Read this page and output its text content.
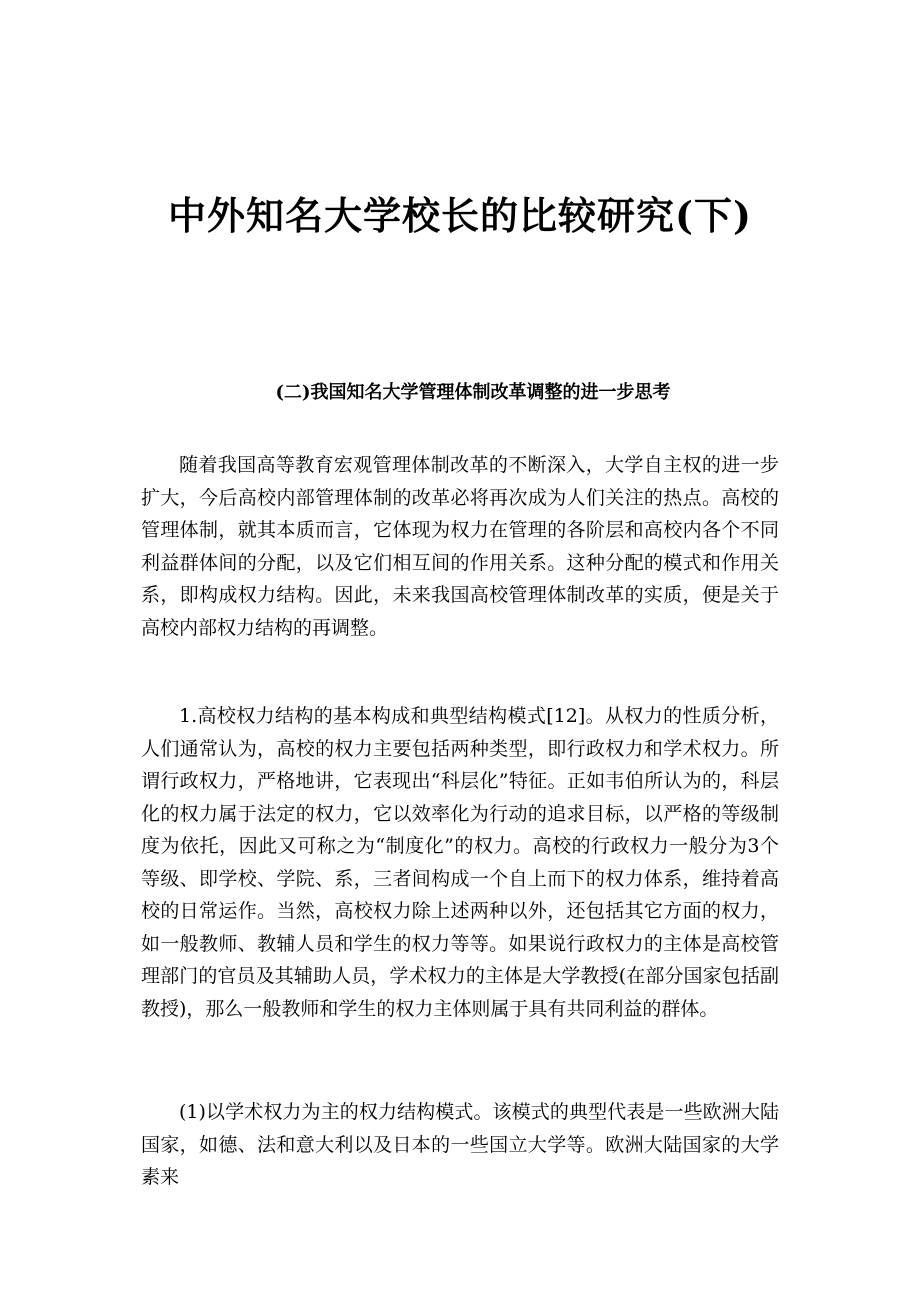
中外知名大学校长的比较研究(下)
(二)我国知名大学管理体制改革调整的进一步思考

随着我国高等教育宏观管理体制改革的不断深入，大学自主权的进一步扩大，今后高校内部管理体制的改革必将再次成为人们关注的热点。高校的管理体制，就其本质而言，它体现为权力在管理的各阶层和高校内各个不同利益群体间的分配，以及它们相互间的作用关系。这种分配的模式和作用关系，即构成权力结构。因此，未来我国高校管理体制改革的实质，便是关于高校内部权力结构的再调整。

1.高校权力结构的基本构成和典型结构模式[12]。从权力的性质分析，人们通常认为，高校的权力主要包括两种类型，即行政权力和学术权力。所谓行政权力，严格地讲，它表现出“科层化”特征。正如韦伯所认为的，科层化的权力属于法定的权力，它以效率化为行动的追求目标，以严格的等级制度为依托，因此又可称之为“制度化”的权力。高校的行政权力一般分为3个等级、即学校、学院、系，三者间构成一个自上而下的权力体系，维持着高校的日常运作。当然，高校权力除上述两种以外，还包括其它方面的权力，如一般教师、教辅人员和学生的权力等等。如果说行政权力的主体是高校管理部门的官员及其辅助人员，学术权力的主体是大学教授(在部分国家包括副教授)，那么一般教师和学生的权力主体则属于具有共同利益的群体。

(1)以学术权力为主的权力结构模式。该模式的典型代表是一些欧洲大陆国家，如德、法和意大利以及日本的一些国立大学等。欧洲大陆国家的大学素来
